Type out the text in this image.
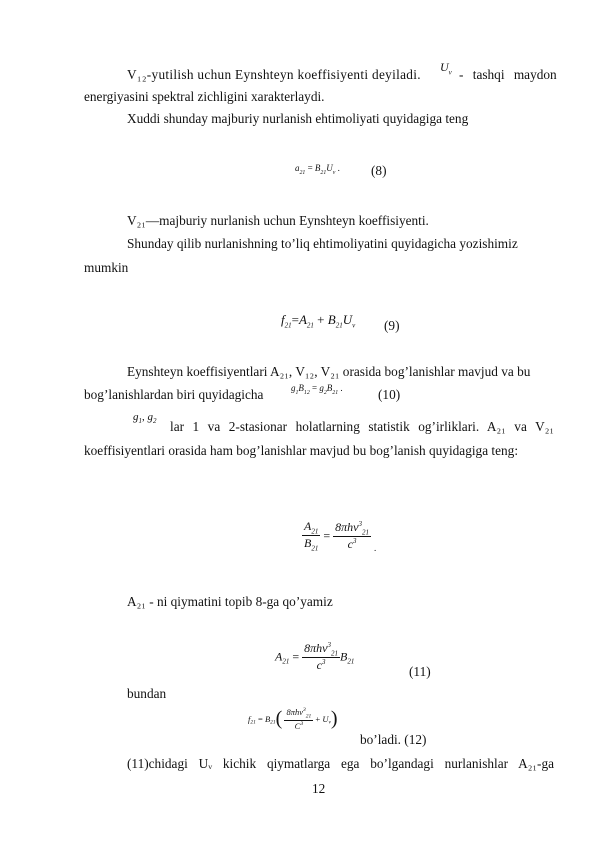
V₁₂-yutilish uchun Eynshteyn koeffisiyenti deyiladi.	$U_v$ - tashqi maydon
energiyasini spektral zichligini xarakterlaydi.
Xuddi shunday majburiy nurlanish ehtimoliyati quyidagiga teng
$a_{21} = B_{21}U_v$ . (8)
V₂₁—majburiy nurlanish uchun Eynshteyn koeffisiyenti.
Shunday qilib nurlanishning to’liq ehtimoliyatini quyidagicha yozishimiz
mumkin
$f_{21}=A_{21} + B_{21}U_v$ (9)
Eynshteyn koeffisiyentlari A₂₁, V₁₂, V₂₁ orasida bog’lanishlar mavjud va bu
bog’lanishlardan biri quyidagicha	$g_1B_{12} = g_2B_{21}$ .	(10)
$g_1$, $g_2$ lar 1 va 2-stasionar holatlarning statistik og’irliklari. A₂₁ va V₂₁
koeffisiyentlari orasida ham bog’lanishlar mavjud bu bog’lanish quyidagiga teng:
$\frac{A_{21}}{B_{21}} = \frac{8\pi h\nu^3_{21}}{c^3}$ .
A₂₁ - ni qiymatini topib 8-ga qo’yamiz
$A_{21} = \frac{8\pi h\nu^3_{21}}{c^3} B_{21}$
(11)
bundan
$f_{21} = B_{21}( \frac{8\pi h\nu^3_{21}}{C^3} + U_v)$
bo’ladi. (12)
(11)chidagi Uᵥ kichik qiymatlarga ega bo’lgandagi nurlanishlar A₂₁-ga
12
